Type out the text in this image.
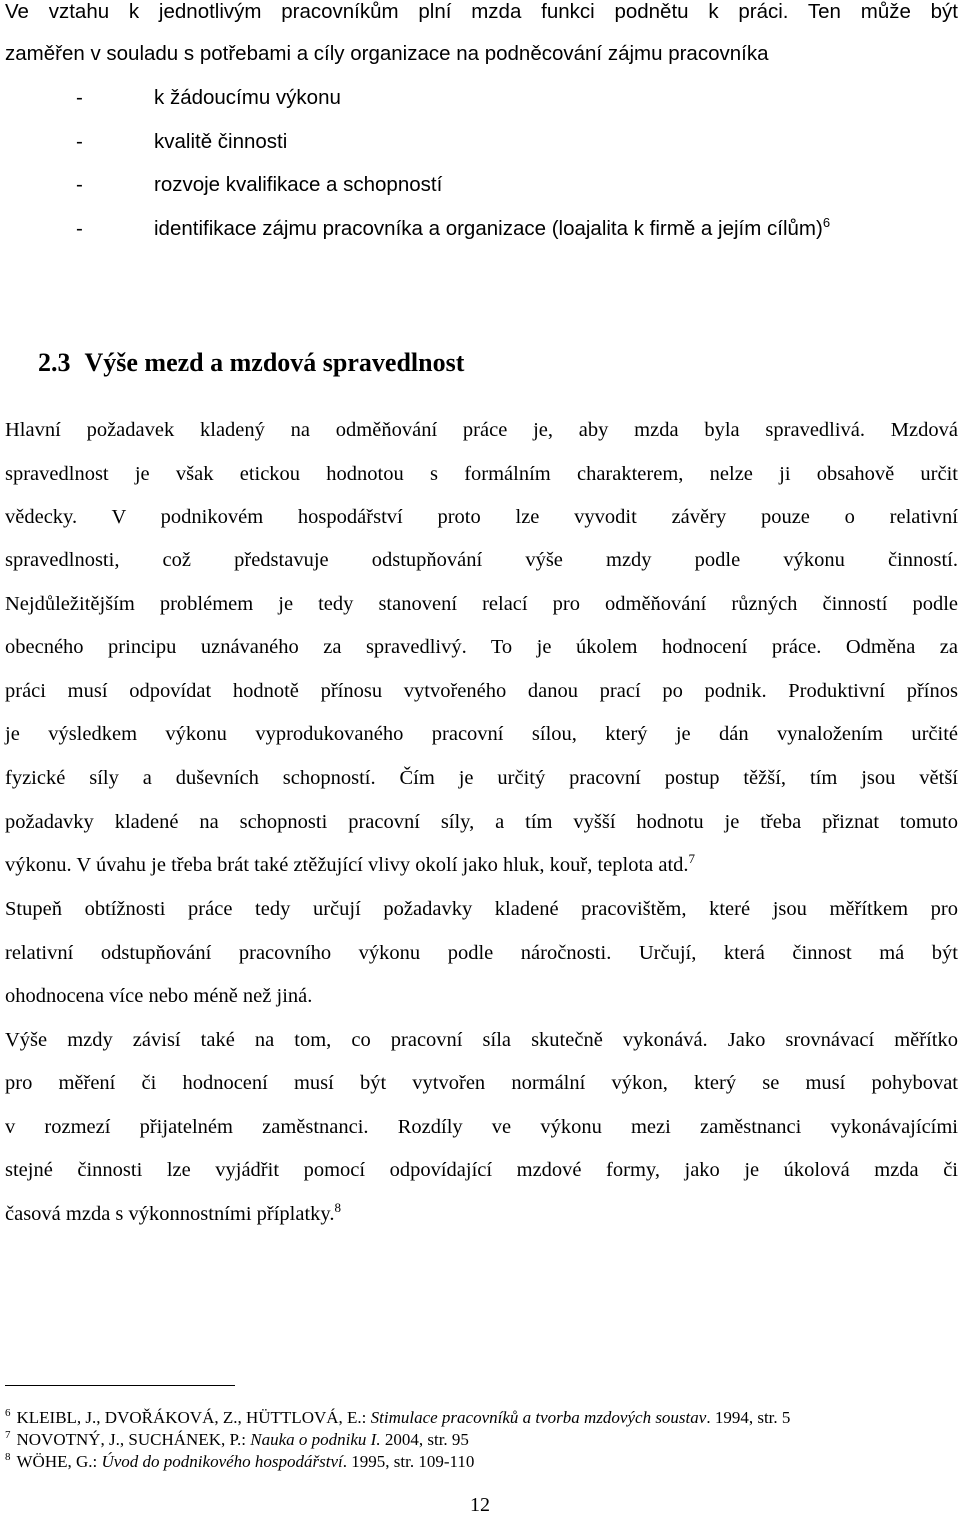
Ve vztahu k jednotlivým pracovníkům plní mzda funkci podnětu k práci. Ten může být
zaměřen v souladu s potřebami a cíly organizace na podněcování zájmu pracovníka
-	k žádoucímu výkonu
-	kvalitě činnosti
-	rozvoje kvalifikace a schopností
-	identifikace zájmu pracovníka a organizace (loajalita k firmě a jejím cílům)$^6$
2.3 Výše mezd a mzdová spravedlnost
Hlavní požadavek kladený na odměňování práce je, aby mzda byla spravedlivá. Mzdová
spravedlnost je však etickou hodnotou s formálním charakterem, nelze ji obsahově určit
vědecky. V podnikovém hospodářství proto lze vyvodit závěry pouze o relativní
spravedlnosti, což představuje odstupňování výše mzdy podle výkonu činností.
Nejdůležitějším problémem je tedy stanovení relací pro odměňování různých činností podle
obecného principu uznávaného za spravedlivý. To je úkolem hodnocení práce. Odměna za
práci musí odpovídat hodnotě přínosu vytvořeného danou prací po podnik. Produktivní přínos
je výsledkem výkonu vyprodukovaného pracovní sílou, který je dán vynaložením určité
fyzické síly a duševních schopností. Čím je určitý pracovní postup těžší, tím jsou větší
požadavky kladené na schopnosti pracovní síly, a tím vyšší hodnotu je třeba přiznat tomuto
výkonu. V úvahu je třeba brát také ztěžující vlivy okolí jako hluk, kouř, teplota atd.$^7$
Stupeň obtížnosti práce tedy určují požadavky kladené pracovištěm, které jsou měřítkem pro
relativní odstupňování pracovního výkonu podle náročnosti. Určují, která činnost má být
ohodnocena více nebo méně než jiná.
Výše mzdy závisí také na tom, co pracovní síla skutečně vykonává. Jako srovnávací měřítko
pro měření či hodnocení musí být vytvořen normální výkon, který se musí pohybovat
v rozmezí přijatelném zaměstnanci. Rozdíly ve výkonu mezi zaměstnanci vykonávajícími
stejné činnosti lze vyjádřit pomocí odpovídající mzdové formy, jako je úkolová mzda či
časová mzda s výkonnostními příplatky.$^8$
$^6$ KLEIBL, J., DVOŘÁKOVÁ, Z., HÜTTLOVÁ, E.: Stimulace pracovníků a tvorba mzdových soustav. 1994, str. 5
$^7$ NOVOTNÝ, J., SUCHÁNEK, P.: Nauka o podniku I. 2004, str. 95
$^8$ WÖHE, G.: Úvod do podnikového hospodářství. 1995, str. 109-110
12
